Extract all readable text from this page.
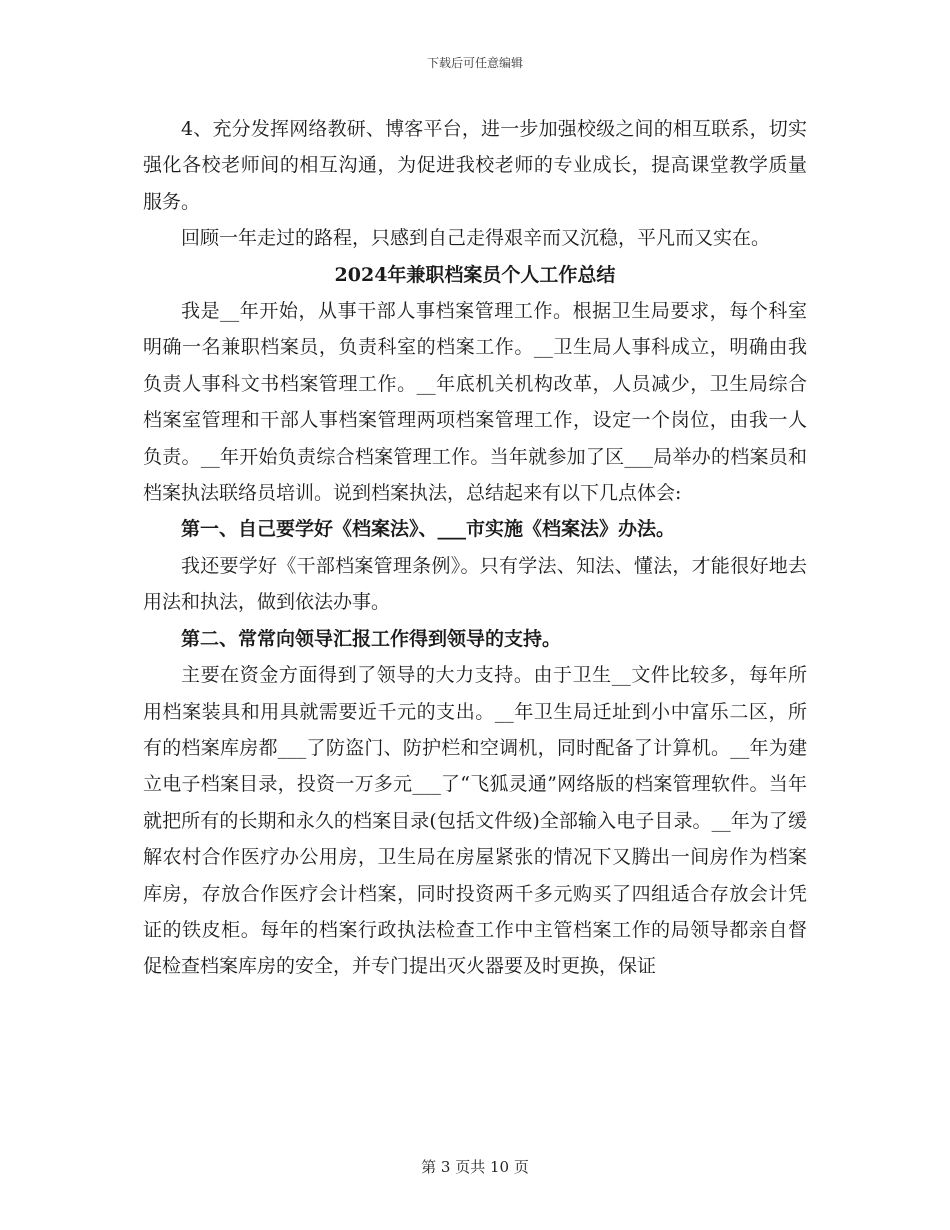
下载后可任意编辑

4、充分发挥网络教研、博客平台，进一步加强校级之间的相互联系，切实强化各校老师间的相互沟通，为促进我校老师的专业成长，提高课堂教学质量服务。

回顾一年走过的路程，只感到自己走得艰辛而又沉稳，平凡而又实在。

2024年兼职档案员个人工作总结

我是__年开始，从事干部人事档案管理工作。根据卫生局要求，每个科室明确一名兼职档案员，负责科室的档案工作。__卫生局人事科成立，明确由我负责人事科文书档案管理工作。__年底机关机构改革，人员减少，卫生局综合档案室管理和干部人事档案管理两项档案管理工作，设定一个岗位，由我一人负责。__年开始负责综合档案管理工作。当年就参加了区___局举办的档案员和档案执法联络员培训。说到档案执法，总结起来有以下几点体会:

第一、自己要学好《档案法》、___市实施《档案法》办法。

我还要学好《干部档案管理条例》。只有学法、知法、懂法，才能很好地去用法和执法，做到依法办事。

第二、常常向领导汇报工作得到领导的支持。

主要在资金方面得到了领导的大力支持。由于卫生__文件比较多，每年所用档案装具和用具就需要近千元的支出。__年卫生局迁址到小中富乐二区，所有的档案库房都___了防盗门、防护栏和空调机，同时配备了计算机。__年为建立电子档案目录，投资一万多元___了“飞狐灵通”网络版的档案管理软件。当年就把所有的长期和永久的档案目录(包括文件级)全部输入电子目录。__年为了缓解农村合作医疗办公用房，卫生局在房屋紧张的情况下又腾出一间房作为档案库房，存放合作医疗会计档案，同时投资两千多元购买了四组适合存放会计凭证的铁皮柜。每年的档案行政执法检查工作中主管档案工作的局领导都亲自督促检查档案库房的安全，并专门提出灭火器要及时更换，保证

第 3 页共 10 页
